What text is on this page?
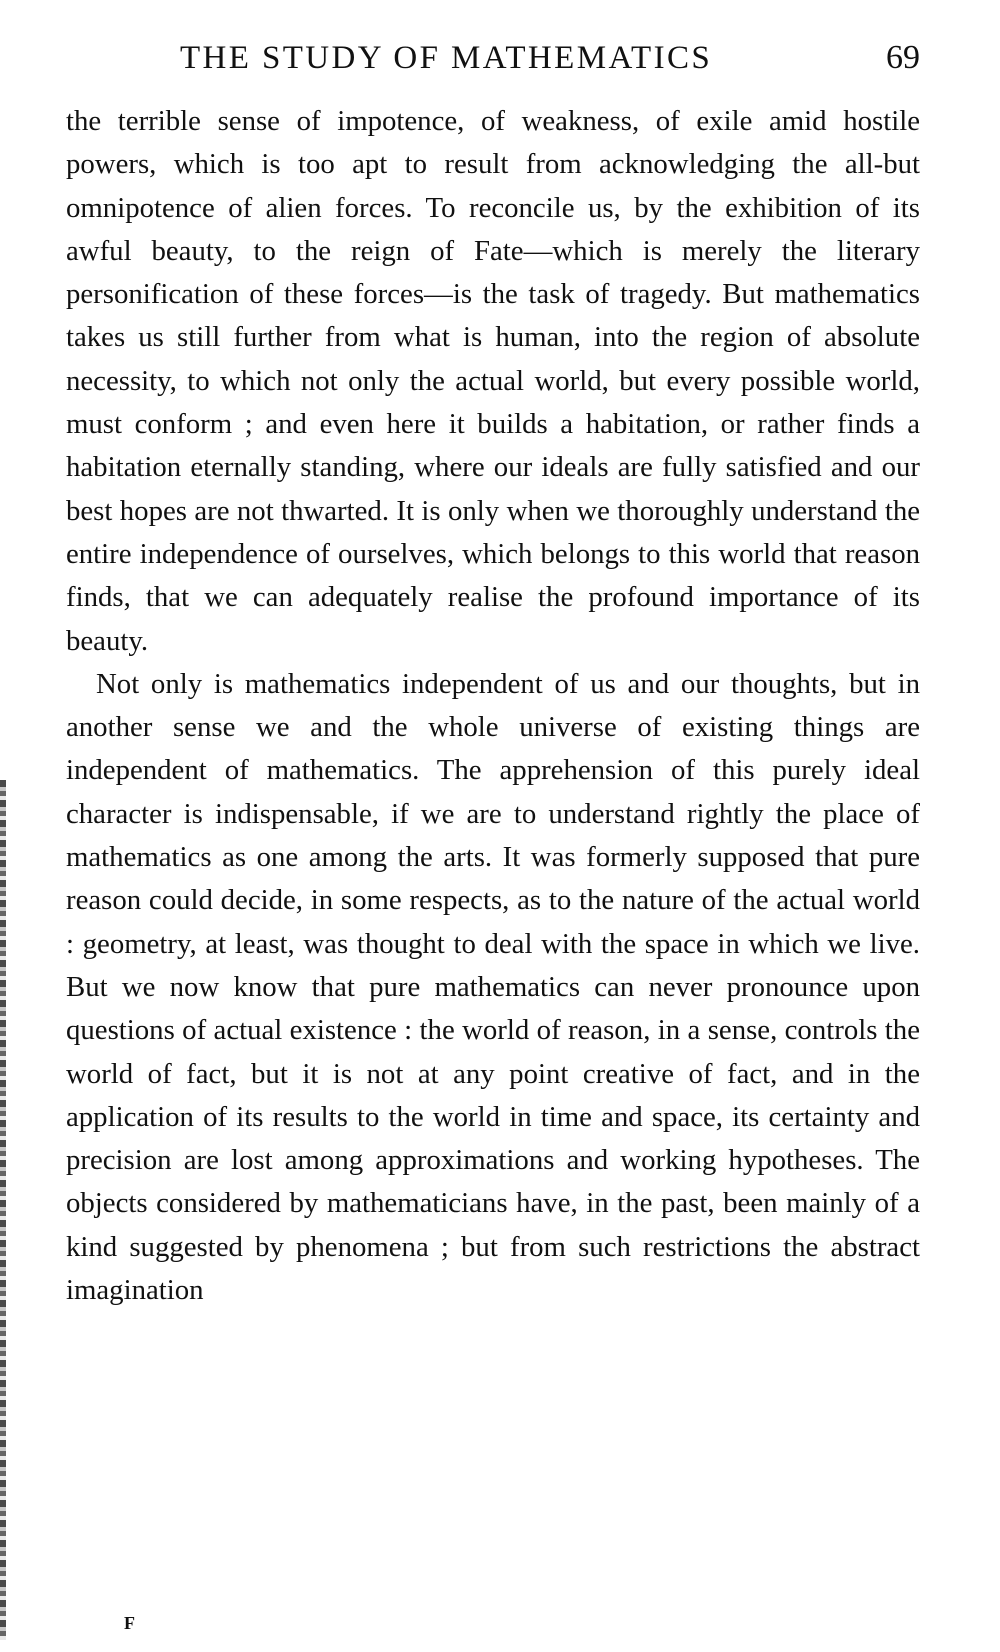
THE STUDY OF MATHEMATICS	69

the terrible sense of impotence, of weakness, of exile amid hostile powers, which is too apt to result from acknowledging the all-but omnipotence of alien forces. To reconcile us, by the exhibition of its awful beauty, to the reign of Fate—which is merely the literary personification of these forces—is the task of tragedy. But mathematics takes us still further from what is human, into the region of absolute necessity, to which not only the actual world, but every possible world, must conform ; and even here it builds a habitation, or rather finds a habitation eternally standing, where our ideals are fully satisfied and our best hopes are not thwarted. It is only when we thoroughly understand the entire independence of ourselves, which belongs to this world that reason finds, that we can adequately realise the profound importance of its beauty.

Not only is mathematics independent of us and our thoughts, but in another sense we and the whole universe of existing things are independent of mathematics. The apprehension of this purely ideal character is indispensable, if we are to understand rightly the place of mathematics as one among the arts. It was formerly supposed that pure reason could decide, in some respects, as to the nature of the actual world : geometry, at least, was thought to deal with the space in which we live. But we now know that pure mathematics can never pronounce upon questions of actual existence : the world of reason, in a sense, controls the world of fact, but it is not at any point creative of fact, and in the application of its results to the world in time and space, its certainty and precision are lost among approximations and working hypotheses. The objects considered by mathematicians have, in the past, been mainly of a kind suggested by phenomena ; but from such restrictions the abstract imagination

F
